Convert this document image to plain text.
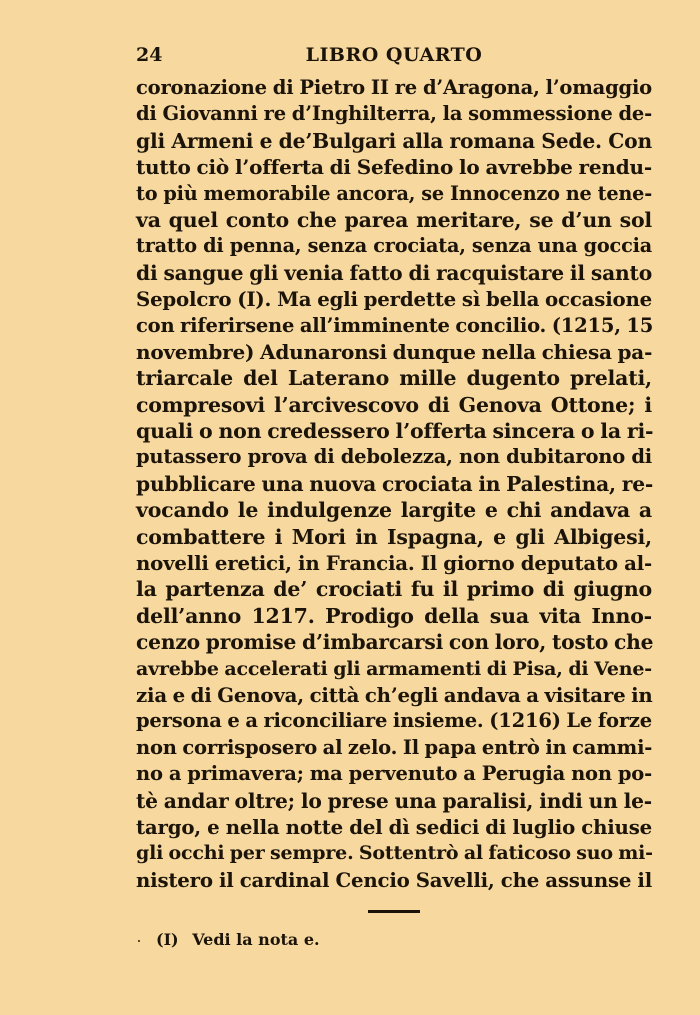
24	LIBRO QUARTO
coronazione di Pietro II re d’Aragona, l’omaggio
di Giovanni re d’Inghilterra, la sommessione de-
gli Armeni e de’Bulgari alla romana Sede. Con
tutto ciò l’offerta di Sefedino lo avrebbe rendu-
to più memorabile ancora, se Innocenzo ne tene-
va quel conto che parea meritare, se d’un sol
tratto di penna, senza crociata, senza una goccia
di sangue gli venia fatto di racquistare il santo
Sepolcro (I). Ma egli perdette sì bella occasione
con riferirsene all’imminente concilio. (1215, 15
novembre) Adunaronsi dunque nella chiesa pa-
triarcale del Laterano mille dugento prelati,
compresovi l’arcivescovo di Genova Ottone; i
quali o non credessero l’offerta sincera o la ri-
putassero prova di debolezza, non dubitarono di
pubblicare una nuova crociata in Palestina, re-
vocando le indulgenze largite e chi andava a
combattere i Mori in Ispagna, e gli Albigesi,
novelli eretici, in Francia. Il giorno deputato al-
la partenza de’ crociati fu il primo di giugno
dell’anno 1217. Prodigo della sua vita Inno-
cenzo promise d’imbarcarsi con loro, tosto che
avrebbe accelerati gli armamenti di Pisa, di Vene-
zia e di Genova, città ch’egli andava a visitare in
persona e a riconciliare insieme. (1216) Le forze
non corrisposero al zelo. Il papa entrò in cammi-
no a primavera; ma pervenuto a Perugia non po-
tè andar oltre; lo prese una paralisi, indi un le-
targo, e nella notte del dì sedici di luglio chiuse
gli occhi per sempre. Sottentrò al faticoso suo mi-
nistero il cardinal Cencio Savelli, che assunse il
(I) Vedi la nota e.
